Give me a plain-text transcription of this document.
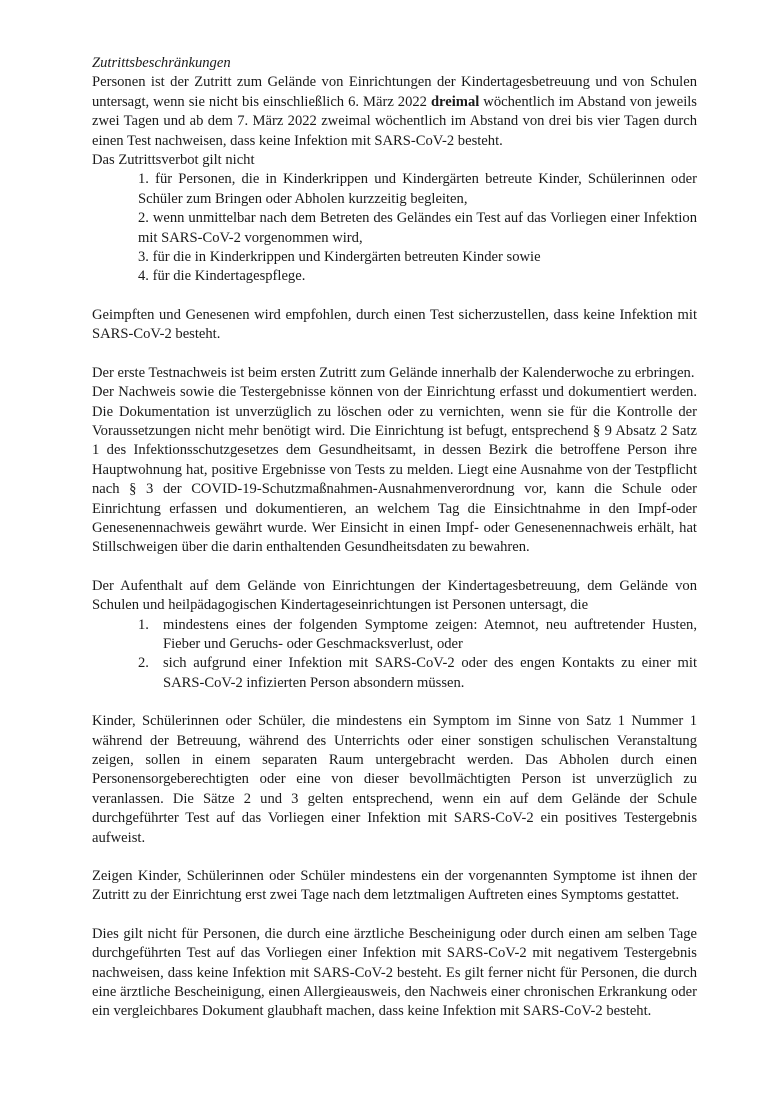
Zutrittsbeschränkungen

Personen ist der Zutritt zum Gelände von Einrichtungen der Kindertagesbetreuung und von Schulen untersagt, wenn sie nicht bis einschließlich 6. März 2022 dreimal wöchentlich im Abstand von jeweils zwei Tagen und ab dem 7. März 2022 zweimal wöchentlich im Abstand von drei bis vier Tagen durch einen Test nachweisen, dass keine Infektion mit SARS-CoV-2 besteht.

Das Zutrittsverbot gilt nicht

1. für Personen, die in Kinderkrippen und Kindergärten betreute Kinder, Schülerinnen oder Schüler zum Bringen oder Abholen kurzzeitig begleiten,
2. wenn unmittelbar nach dem Betreten des Geländes ein Test auf das Vorliegen einer Infektion mit SARS-CoV-2 vorgenommen wird,
3. für die in Kinderkrippen und Kindergärten betreuten Kinder sowie
4. für die Kindertagespflege.

Geimpften und Genesenen wird empfohlen, durch einen Test sicherzustellen, dass keine Infektion mit SARS-CoV-2 besteht.

Der erste Testnachweis ist beim ersten Zutritt zum Gelände innerhalb der Kalenderwoche zu erbringen.

Der Nachweis sowie die Testergebnisse können von der Einrichtung erfasst und dokumentiert werden. Die Dokumentation ist unverzüglich zu löschen oder zu vernichten, wenn sie für die Kontrolle der Voraussetzungen nicht mehr benötigt wird. Die Einrichtung ist befugt, entsprechend § 9 Absatz 2 Satz 1 des Infektionsschutzgesetzes dem Gesundheitsamt, in dessen Bezirk die betroffene Person ihre Hauptwohnung hat, positive Ergebnisse von Tests zu melden. Liegt eine Ausnahme von der Testpflicht nach § 3 der COVID-19-Schutzmaßnahmen-Ausnahmenverordnung vor, kann die Schule oder Einrichtung erfassen und dokumentieren, an welchem Tag die Einsichtnahme in den Impf-oder Genesenennachweis gewährt wurde. Wer Einsicht in einen Impf- oder Genesenennachweis erhält, hat Stillschweigen über die darin enthaltenden Gesundheitsdaten zu bewahren.

Der Aufenthalt auf dem Gelände von Einrichtungen der Kindertagesbetreuung, dem Gelände von Schulen und heilpädagogischen Kindertageseinrichtungen ist Personen untersagt, die

1. mindestens eines der folgenden Symptome zeigen: Atemnot, neu auftretender Husten, Fieber und Geruchs- oder Geschmacksverlust, oder
2. sich aufgrund einer Infektion mit SARS-CoV-2 oder des engen Kontakts zu einer mit SARS-CoV-2 infizierten Person absondern müssen.

Kinder, Schülerinnen oder Schüler, die mindestens ein Symptom im Sinne von Satz 1 Nummer 1 während der Betreuung, während des Unterrichts oder einer sonstigen schulischen Veranstaltung zeigen, sollen in einem separaten Raum untergebracht werden. Das Abholen durch einen Personensorgeberechtigten oder eine von dieser bevollmächtigten Person ist unverzüglich zu veranlassen. Die Sätze 2 und 3 gelten entsprechend, wenn ein auf dem Gelände der Schule durchgeführter Test auf das Vorliegen einer Infektion mit SARS-CoV-2 ein positives Testergebnis aufweist.

Zeigen Kinder, Schülerinnen oder Schüler mindestens ein der vorgenannten Symptome ist ihnen der Zutritt zu der Einrichtung erst zwei Tage nach dem letztmaligen Auftreten eines Symptoms gestattet.

Dies gilt nicht für Personen, die durch eine ärztliche Bescheinigung oder durch einen am selben Tage durchgeführten Test auf das Vorliegen einer Infektion mit SARS-CoV-2 mit negativem Testergebnis nachweisen, dass keine Infektion mit SARS-CoV-2 besteht. Es gilt ferner nicht für Personen, die durch eine ärztliche Bescheinigung, einen Allergieausweis, den Nachweis einer chronischen Erkrankung oder ein vergleichbares Dokument glaubhaft machen, dass keine Infektion mit SARS-CoV-2 besteht.
